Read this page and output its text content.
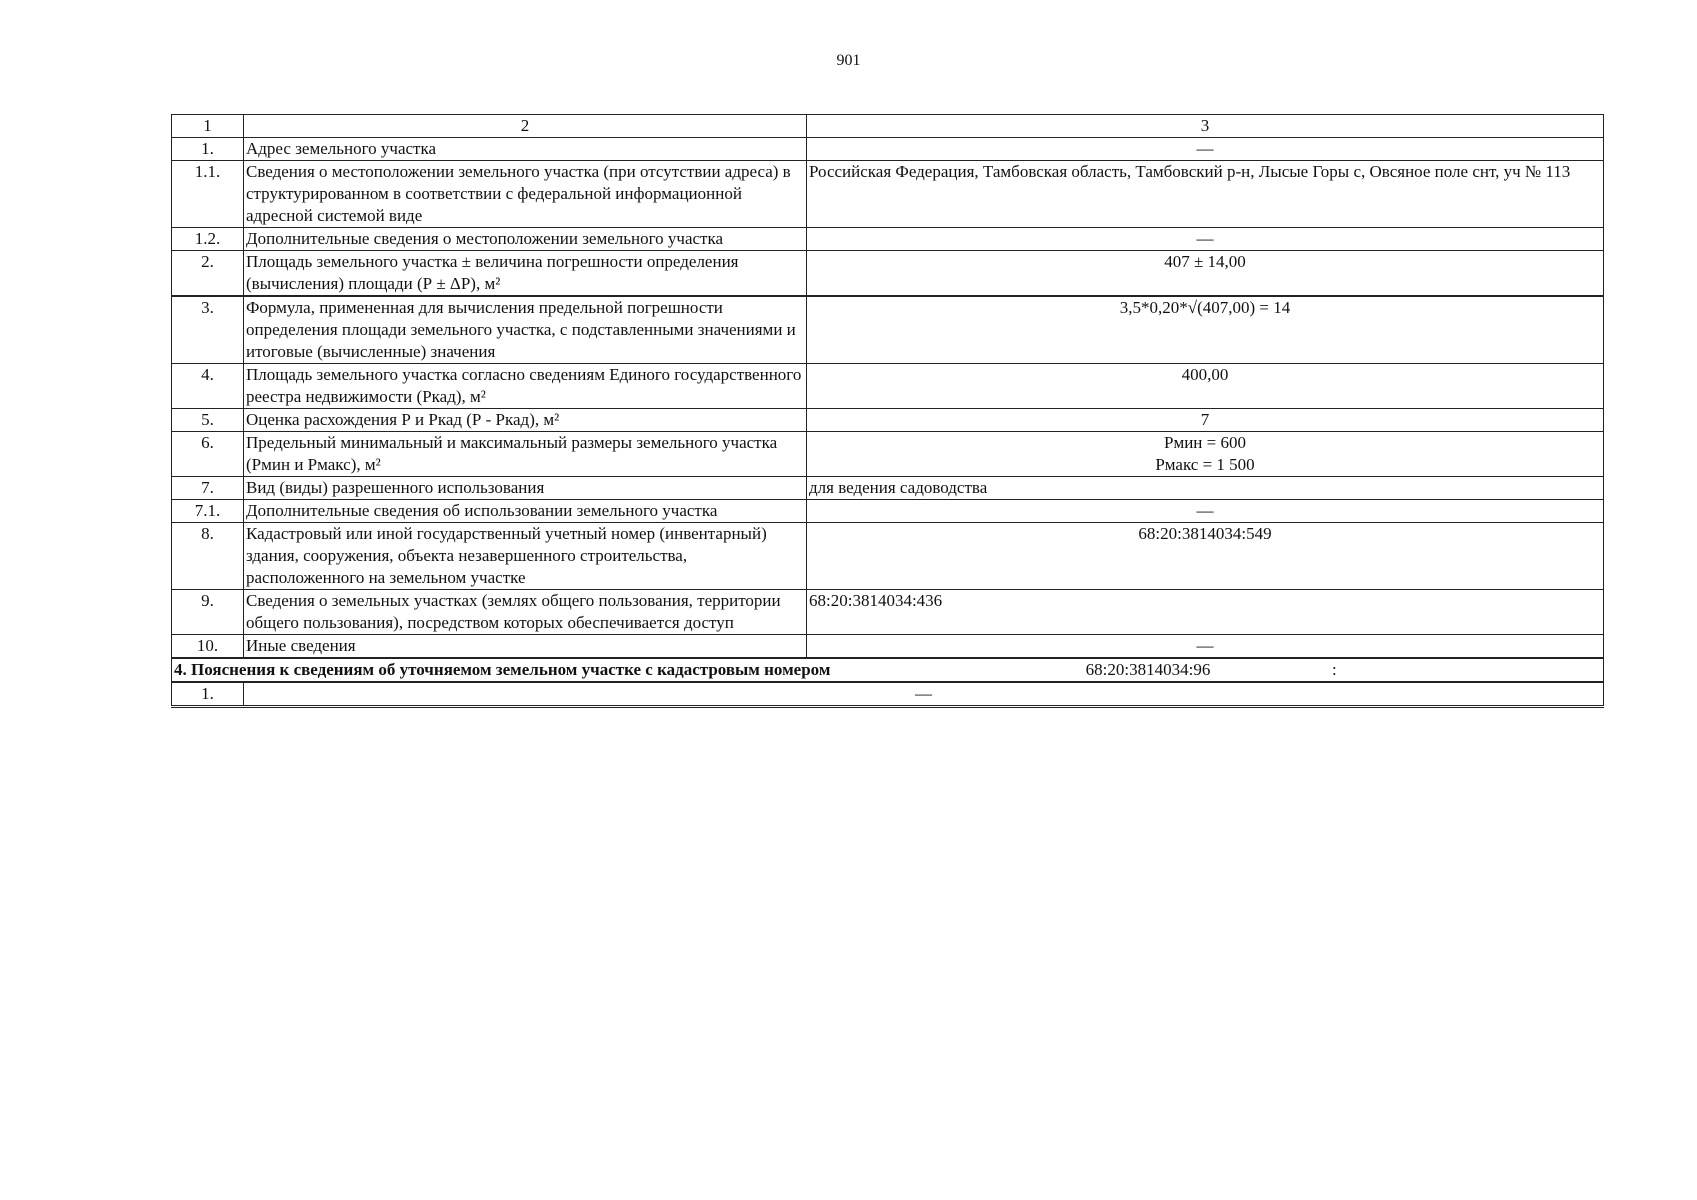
901
1	2	3
1.	Адрес земельного участка	—
1.1.	Сведения о местоположении земельного участка (при отсутствии адреса) в структурированном в соответствии с федеральной информационной адресной системой виде	Российская Федерация, Тамбовская область, Тамбовский р-н, Лысые Горы с, Овсяное поле снт, уч № 113
1.2.	Дополнительные сведения о местоположении земельного участка	—
2.	Площадь земельного участка ± величина погрешности определения (вычисления) площади (Р ± ΔР), м²	407 ± 14,00
3.	Формула, примененная для вычисления предельной погрешности определения площади земельного участка, с подставленными значениями и итоговые (вычисленные) значения	3,5*0,20*√(407,00) = 14
4.	Площадь земельного участка согласно сведениям Единого государственного реестра недвижимости (Ркад), м²	400,00
5.	Оценка расхождения Р и Ркад (Р - Ркад), м²	7
6.	Предельный минимальный и максимальный размеры земельного участка (Рмин и Рмакс), м²	Рмин = 600
Рмакс = 1 500

7.	Вид (виды) разрешенного использования	для ведения садоводства
7.1.	Дополнительные сведения об использовании земельного участка	—
8.	Кадастровый или иной государственный учетный номер (инвентарный) здания, сооружения, объекта незавершенного строительства, расположенного на земельном участке	68:20:3814034:549
9.	Сведения о земельных участках (землях общего пользования, территории общего пользования), посредством которых обеспечивается доступ	68:20:3814034:436
10.	Иные сведения	—
4. Пояснения к сведениям об уточняемом земельном участке с кадастровым номером 68:20:3814034:96 :		

1.	—	
